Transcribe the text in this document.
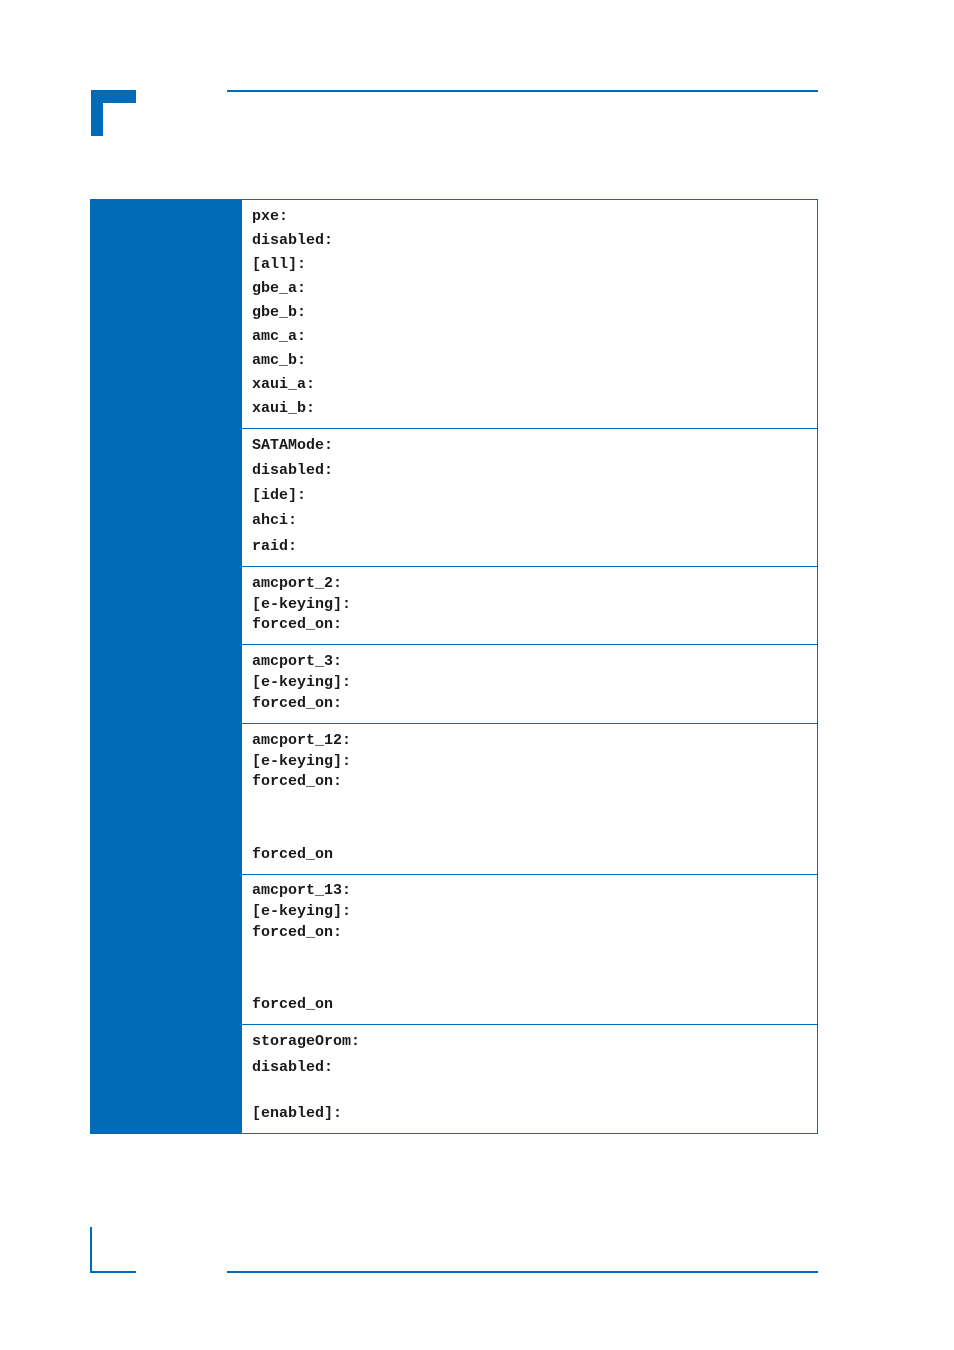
pxe:
disabled:
[all]:
gbe_a:
gbe_b:
amc_a:
amc_b:
xaui_a:
xaui_b:
SATAMode:
disabled:
[ide]:
ahci:
raid:
amcport_2:
[e-keying]:
forced_on:
amcport_3:
[e-keying]:
forced_on:
amcport_12:
[e-keying]:
forced_on:
forced_on
amcport_13:
[e-keying]:
forced_on:
forced_on
storageOrom:
disabled:
[enabled]:
